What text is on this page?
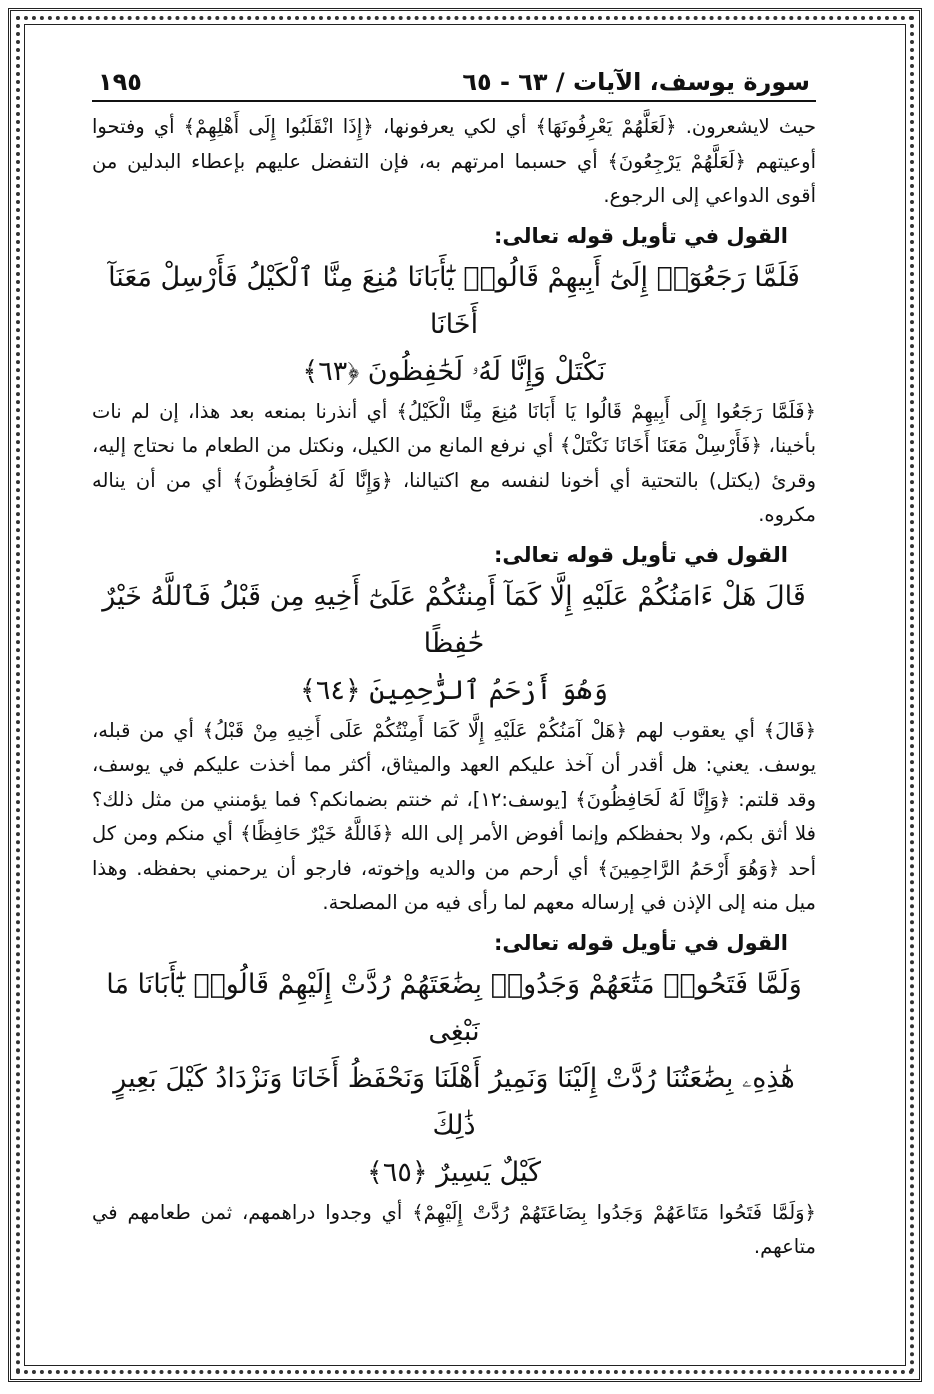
سورة يوسف، الآيات / ٦٣ - ٦٥
١٩٥

حيث لايشعرون. ﴿لَعَلَّهُمْ يَعْرِفُونَهَا﴾ أي لكي يعرفونها، ﴿إِذَا انْقَلَبُوا إِلَى أَهْلِهِمْ﴾ أي وفتحوا أوعيتهم ﴿لَعَلَّهُمْ يَرْجِعُونَ﴾ أي حسبما امرتهم به، فإن التفضل عليهم بإعطاء البدلين من أقوى الدواعي إلى الرجوع.

القول في تأويل قوله تعالى:

فَلَمَّا رَجَعُوٓا۟ إِلَىٰٓ أَبِيهِمْ قَالُوا۟ يَٰٓأَبَانَا مُنِعَ مِنَّا ٱلْكَيْلُ فَأَرْسِلْ مَعَنَآ أَخَانَا

نَكْتَلْ وَإِنَّا لَهُۥ لَحَٰفِظُونَ ﴿٦٣﴾

﴿فَلَمَّا رَجَعُوا إِلَى أَبِيهِمْ قَالُوا يَا أَبَانَا مُنِعَ مِنَّا الْكَيْلُ﴾ أي أنذرنا بمنعه بعد هذا، إن لم نات بأخينا، ﴿فَأَرْسِلْ مَعَنَا أَخَانَا نَكْتَلْ﴾ أي نرفع المانع من الكيل، ونكتل من الطعام ما نحتاج إليه، وقرئ (يكتل) بالتحتية أي أخونا لنفسه مع اكتيالنا، ﴿وَإِنَّا لَهُ لَحَافِظُونَ﴾ أي من أن يناله مكروه.

القول في تأويل قوله تعالى:

قَالَ هَلْ ءَامَنُكُمْ عَلَيْهِ إِلَّا كَمَآ أَمِنتُكُمْ عَلَىٰٓ أَخِيهِ مِن قَبْلُ فَٱللَّهُ خَيْرٌ حَٰفِظًا

وَهُوَ أَرْحَمُ ٱلرَّٰحِمِينَ ﴿٦٤﴾

﴿قَالَ﴾ أي يعقوب لهم ﴿هَلْ آمَنُكُمْ عَلَيْهِ إِلَّا كَمَا أَمِنْتُكُمْ عَلَى أَخِيهِ مِنْ قَبْلُ﴾ أي من قبله، يوسف. يعني: هل أقدر أن آخذ عليكم العهد والميثاق، أكثر مما أخذت عليكم في يوسف، وقد قلتم: ﴿وَإِنَّا لَهُ لَحَافِظُونَ﴾ [يوسف:١٢]، ثم خنتم بضمانكم؟ فما يؤمنني من مثل ذلك؟ فلا أثق بكم، ولا بحفظكم وإنما أفوض الأمر إلى الله ﴿فَاللَّهُ خَيْرٌ حَافِظًا﴾ أي منكم ومن كل أحد ﴿وَهُوَ أَرْحَمُ الرَّاحِمِينَ﴾ أي أرحم من والديه وإخوته، فارجو أن يرحمني بحفظه. وهذا ميل منه إلى الإذن في إرساله معهم لما رأى فيه من المصلحة.

القول في تأويل قوله تعالى:

وَلَمَّا فَتَحُوا۟ مَتَٰعَهُمْ وَجَدُوا۟ بِضَٰعَتَهُمْ رُدَّتْ إِلَيْهِمْ قَالُوا۟ يَٰٓأَبَانَا مَا نَبْغِى

هَٰذِهِۦ بِضَٰعَتُنَا رُدَّتْ إِلَيْنَا وَنَمِيرُ أَهْلَنَا وَنَحْفَظُ أَخَانَا وَنَزْدَادُ كَيْلَ بَعِيرٍ ذَٰلِكَ

كَيْلٌ يَسِيرٌ ﴿٦٥﴾

﴿وَلَمَّا فَتَحُوا مَتَاعَهُمْ وَجَدُوا بِضَاعَتَهُمْ رُدَّتْ إِلَيْهِمْ﴾ أي وجدوا دراهمهم، ثمن طعامهم في متاعهم.
